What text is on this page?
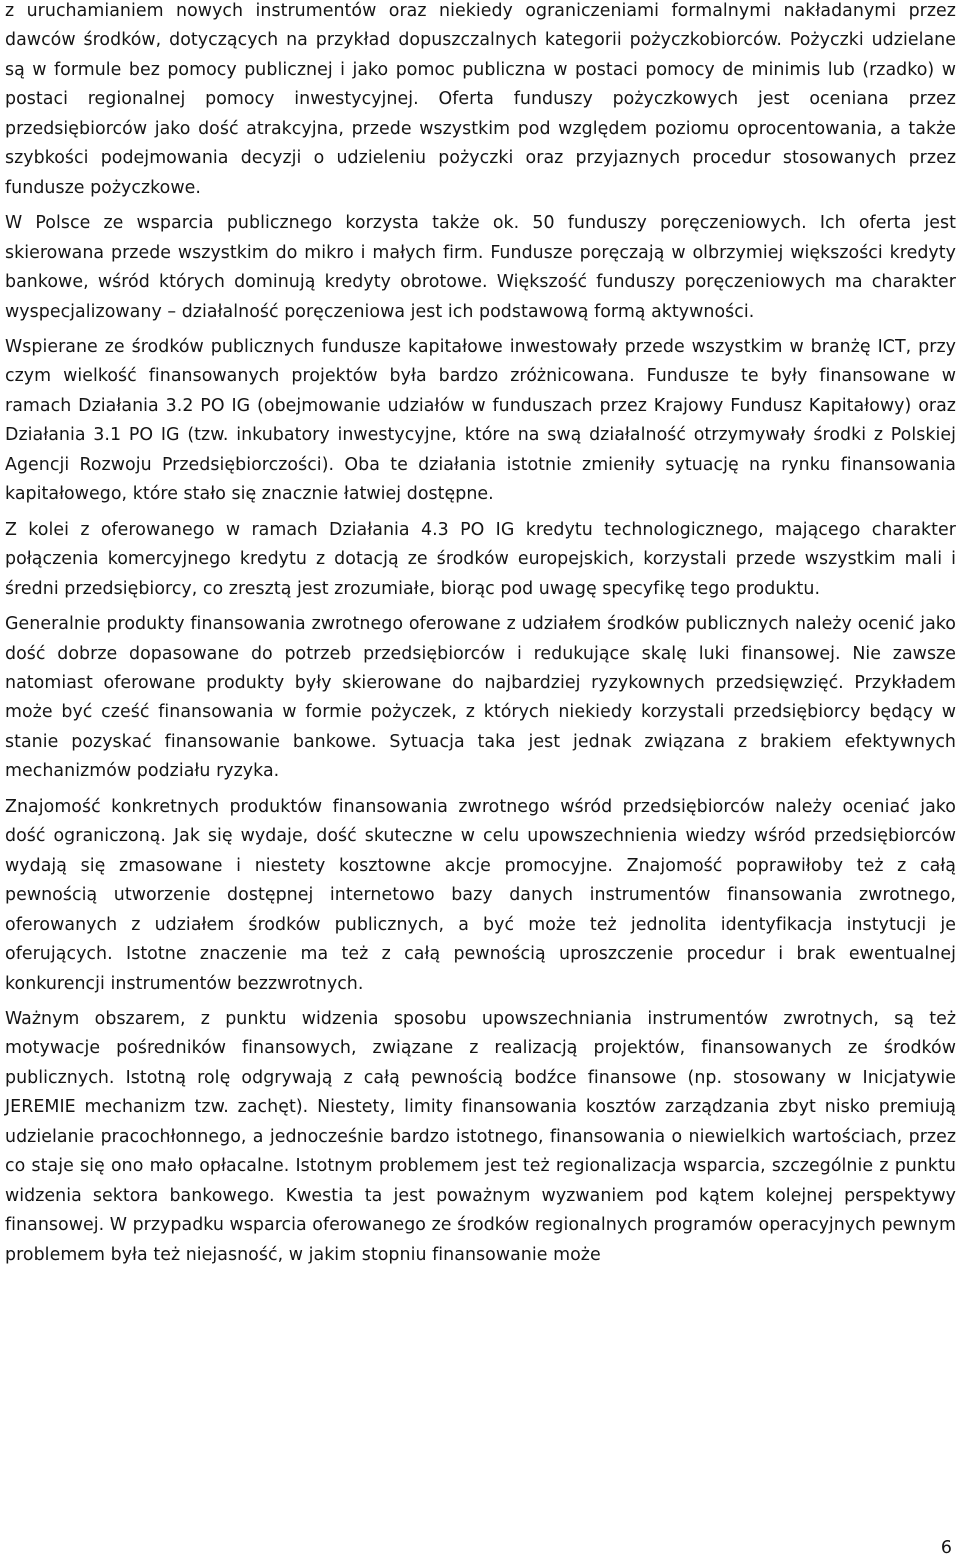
z uruchamianiem nowych instrumentów oraz niekiedy ograniczeniami formalnymi nakładanymi przez dawców środków, dotyczących na przykład dopuszczalnych kategorii pożyczkobiorców. Pożyczki udzielane są w formule bez pomocy publicznej i jako pomoc publiczna w postaci pomocy de minimis lub (rzadko) w postaci regionalnej pomocy inwestycyjnej. Oferta funduszy pożyczkowych jest oceniana przez przedsiębiorców jako dość atrakcyjna, przede wszystkim pod względem poziomu oprocentowania, a także szybkości podejmowania decyzji o udzieleniu pożyczki oraz przyjaznych procedur stosowanych przez fundusze pożyczkowe.

W Polsce ze wsparcia publicznego korzysta także ok. 50 funduszy poręczeniowych. Ich oferta jest skierowana przede wszystkim do mikro i małych firm. Fundusze poręczają w olbrzymiej większości kredyty bankowe, wśród których dominują kredyty obrotowe. Większość funduszy poręczeniowych ma charakter wyspecjalizowany – działalność poręczeniowa jest ich podstawową formą aktywności.

Wspierane ze środków publicznych fundusze kapitałowe inwestowały przede wszystkim w branżę ICT, przy czym wielkość finansowanych projektów była bardzo zróżnicowana. Fundusze te były finansowane w ramach Działania 3.2 PO IG (obejmowanie udziałów w funduszach przez Krajowy Fundusz Kapitałowy) oraz Działania 3.1 PO IG (tzw. inkubatory inwestycyjne, które na swą działalność otrzymywały środki z Polskiej Agencji Rozwoju Przedsiębiorczości). Oba te działania istotnie zmieniły sytuację na rynku finansowania kapitałowego, które stało się znacznie łatwiej dostępne.

Z kolei z oferowanego w ramach Działania 4.3 PO IG kredytu technologicznego, mającego charakter połączenia komercyjnego kredytu z dotacją ze środków europejskich, korzystali przede wszystkim mali i średni przedsiębiorcy, co zresztą jest zrozumiałe, biorąc pod uwagę specyfikę tego produktu.

Generalnie produkty finansowania zwrotnego oferowane z udziałem środków publicznych należy ocenić jako dość dobrze dopasowane do potrzeb przedsiębiorców i redukujące skalę luki finansowej. Nie zawsze natomiast oferowane produkty były skierowane do najbardziej ryzykownych przedsięwzięć. Przykładem może być cześć finansowania w formie pożyczek, z których niekiedy korzystali przedsiębiorcy będący w stanie pozyskać finansowanie bankowe. Sytuacja taka jest jednak związana z brakiem efektywnych mechanizmów podziału ryzyka.

Znajomość konkretnych produktów finansowania zwrotnego wśród przedsiębiorców należy oceniać jako dość ograniczoną. Jak się wydaje, dość skuteczne w celu upowszechnienia wiedzy wśród przedsiębiorców wydają się zmasowane i niestety kosztowne akcje promocyjne. Znajomość poprawiłoby też z całą pewnością utworzenie dostępnej internetowo bazy danych instrumentów finansowania zwrotnego, oferowanych z udziałem środków publicznych, a być może też jednolita identyfikacja instytucji je oferujących. Istotne znaczenie ma też z całą pewnością uproszczenie procedur i brak ewentualnej konkurencji instrumentów bezzwrotnych.

Ważnym obszarem, z punktu widzenia sposobu upowszechniania instrumentów zwrotnych, są też motywacje pośredników finansowych, związane z realizacją projektów, finansowanych ze środków publicznych. Istotną rolę odgrywają z całą pewnością bodźce finansowe (np. stosowany w Inicjatywie JEREMIE mechanizm tzw. zachęt). Niestety, limity finansowania kosztów zarządzania zbyt nisko premiują udzielanie pracochłonnego, a jednocześnie bardzo istotnego, finansowania o niewielkich wartościach, przez co staje się ono mało opłacalne. Istotnym problemem jest też regionalizacja wsparcia, szczególnie z punktu widzenia sektora bankowego. Kwestia ta jest poważnym wyzwaniem pod kątem kolejnej perspektywy finansowej. W przypadku wsparcia oferowanego ze środków regionalnych programów operacyjnych pewnym problemem była też niejasność, w jakim stopniu finansowanie może

6
